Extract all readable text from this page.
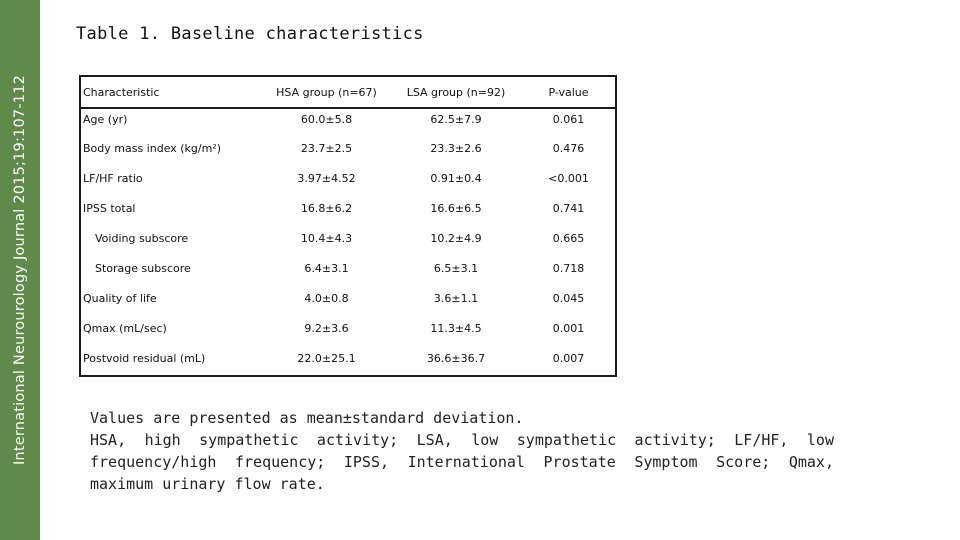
International Neurourology Journal 2015;19:107-112
Table 1. Baseline characteristics
Characteristic	HSA group (n=67)	LSA group (n=92)	P-value
Age (yr)	60.0±5.8	62.5±7.9	0.061
Body mass index (kg/m²)	23.7±2.5	23.3±2.6	0.476
LF/HF ratio	3.97±4.52	0.91±0.4	<0.001
IPSS total	16.8±6.2	16.6±6.5	0.741
Voiding subscore	10.4±4.3	10.2±4.9	0.665
Storage subscore	6.4±3.1	6.5±3.1	0.718
Quality of life	4.0±0.8	3.6±1.1	0.045
Qmax (mL/sec)	9.2±3.6	11.3±4.5	0.001
Postvoid residual (mL)	22.0±25.1	36.6±36.7	0.007

Values are presented as mean±standard deviation.

HSA, high sympathetic activity; LSA, low sympathetic activity; LF/HF, low frequency/high frequency; IPSS, International Prostate Symptom Score; Qmax, maximum urinary flow rate.
